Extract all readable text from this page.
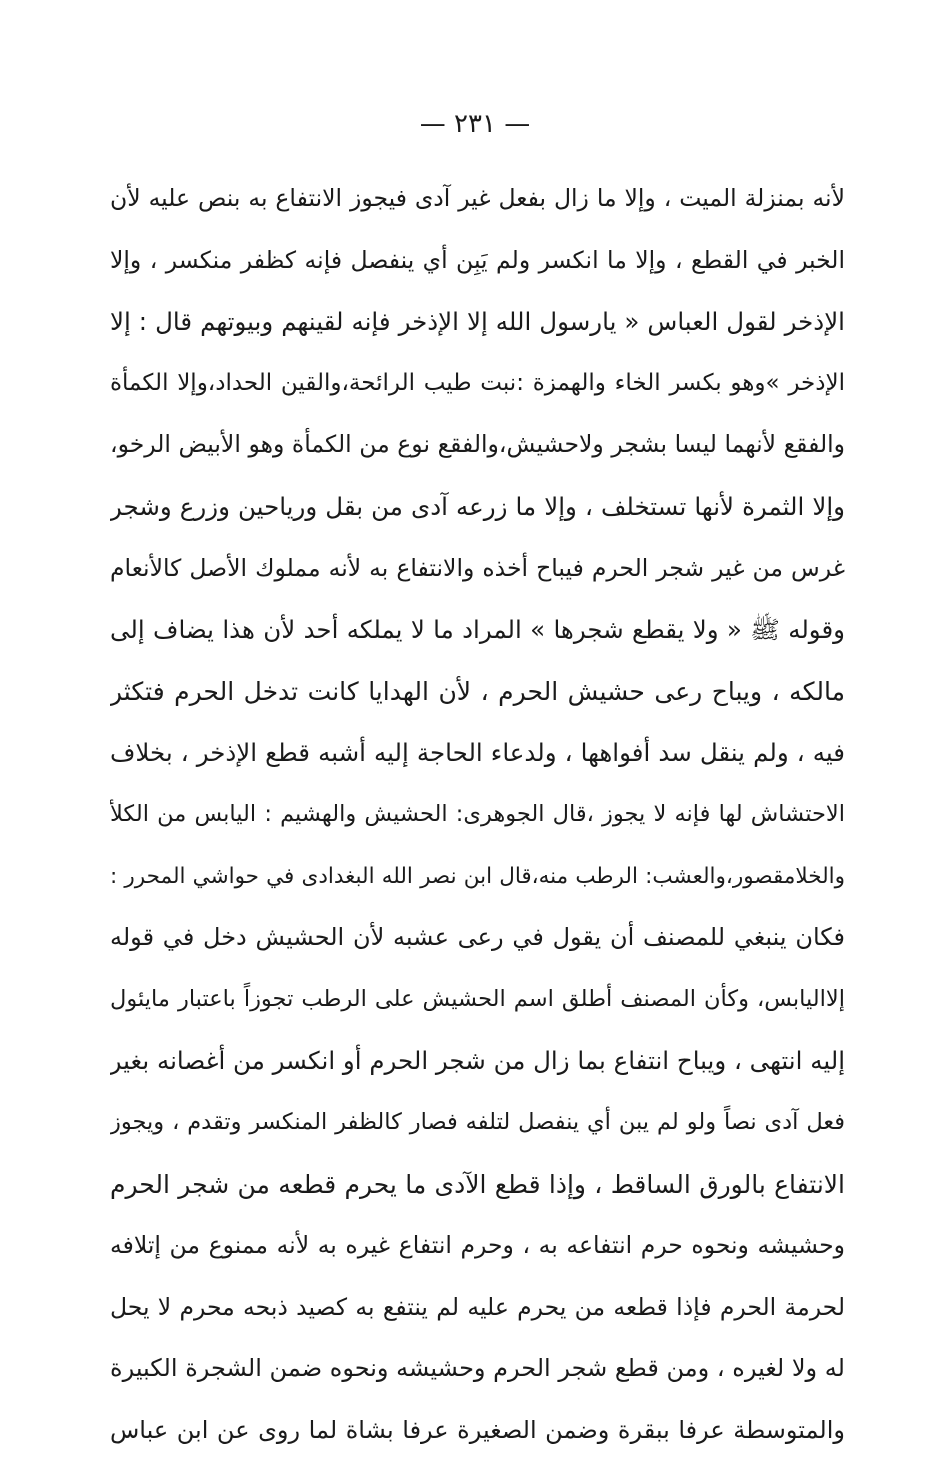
— ٢٣١ —
لأنه بمنزلة الميت ، وإلا ما زال بفعل غير آدى فيجوز الانتفاع به بنص عليه لأن
الخبر في القطع ، وإلا ما انكسر ولم يَبِن أي ينفصل فإنه كظفر منكسر ، وإلا
الإذخر لقول العباس « يارسول الله إلا الإذخر فإنه لقينهم وبيوتهم قال : إلا
الإذخر »وهو بكسر الخاء والهمزة :نبت طيب الرائحة،والقين الحداد،وإلا الكمأة
والفقع لأنهما ليسا بشجر ولاحشيش،والفقع نوع من الكمأة وهو الأبيض الرخو،
وإلا الثمرة لأنها تستخلف ، وإلا ما زرعه آدى من بقل ورياحين وزرع وشجر
غرس من غير شجر الحرم فيباح أخذه والانتفاع به لأنه مملوك الأصل كالأنعام
وقوله ﷺ « ولا يقطع شجرها » المراد ما لا يملكه أحد لأن هذا يضاف إلى
مالكه ، ويباح رعى حشيش الحرم ، لأن الهدايا كانت تدخل الحرم فتكثر
فيه ، ولم ينقل سد أفواهها ، ولدعاء الحاجة إليه أشبه قطع الإذخر ، بخلاف
الاحتشاش لها فإنه لا يجوز ،قال الجوهرى: الحشيش والهشيم : اليابس من الكلأ
والخلامقصور،والعشب: الرطب منه،قال ابن نصر الله البغدادى في حواشي المحرر :
فكان ينبغي للمصنف أن يقول في رعى عشبه لأن الحشيش دخل في قوله
إلااليابس، وكأن المصنف أطلق اسم الحشيش على الرطب تجوزاً باعتبار مايئول
إليه انتهى ، ويباح انتفاع بما زال من شجر الحرم أو انكسر من أغصانه بغير
فعل آدى نصاً ولو لم يبن أي ينفصل لتلفه فصار كالظفر المنكسر وتقدم ، ويجوز
الانتفاع بالورق الساقط ، وإذا قطع الآدى ما يحرم قطعه من شجر الحرم
وحشيشه ونحوه حرم انتفاعه به ، وحرم انتفاع غيره به لأنه ممنوع من إتلافه
لحرمة الحرم فإذا قطعه من يحرم عليه لم ينتفع به كصيد ذبحه محرم لا يحل
له ولا لغيره ، ومن قطع شجر الحرم وحشيشه ونحوه ضمن الشجرة الكبيرة
والمتوسطة عرفا ببقرة وضمن الصغيرة عرفا بشاة لما روى عن ابن عباس
